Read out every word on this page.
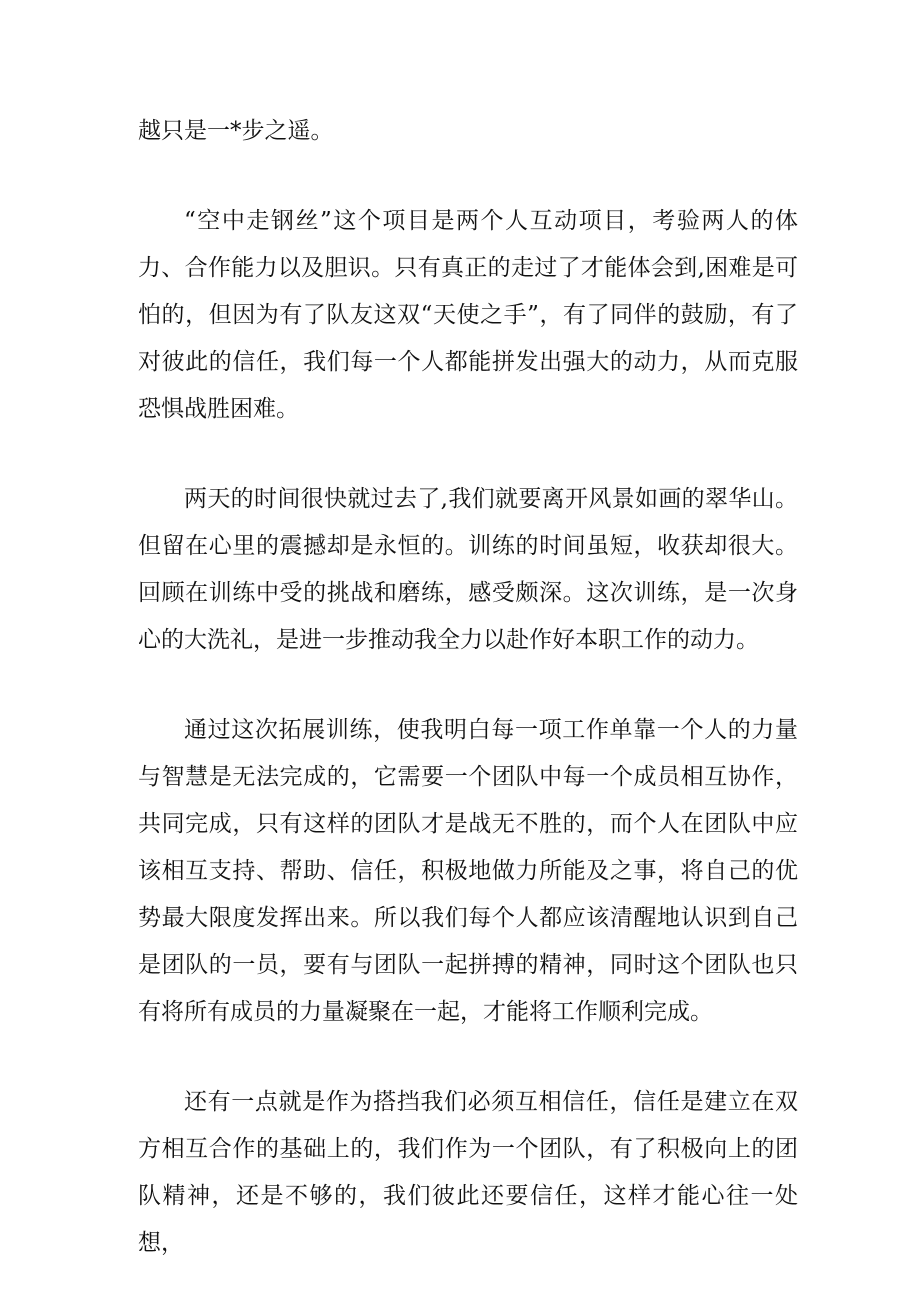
越只是一*步之遥。

“空中走钢丝”这个项目是两个人互动项目，考验两人的体力、合作能力以及胆识。只有真正的走过了才能体会到,困难是可怕的，但因为有了队友这双“天使之手”，有了同伴的鼓励，有了对彼此的信任，我们每一个人都能拼发出强大的动力，从而克服恐惧战胜困难。

两天的时间很快就过去了,我们就要离开风景如画的翠华山。但留在心里的震撼却是永恒的。训练的时间虽短，收获却很大。回顾在训练中受的挑战和磨练，感受颇深。这次训练，是一次身心的大洗礼，是进一步推动我全力以赴作好本职工作的动力。

通过这次拓展训练，使我明白每一项工作单靠一个人的力量与智慧是无法完成的，它需要一个团队中每一个成员相互协作，共同完成，只有这样的团队才是战无不胜的，而个人在团队中应该相互支持、帮助、信任，积极地做力所能及之事，将自己的优势最大限度发挥出来。所以我们每个人都应该清醒地认识到自己是团队的一员，要有与团队一起拼搏的精神，同时这个团队也只有将所有成员的力量凝聚在一起，才能将工作顺利完成。

还有一点就是作为搭挡我们必须互相信任，信任是建立在双方相互合作的基础上的，我们作为一个团队，有了积极向上的团队精神，还是不够的，我们彼此还要信任，这样才能心往一处想，
